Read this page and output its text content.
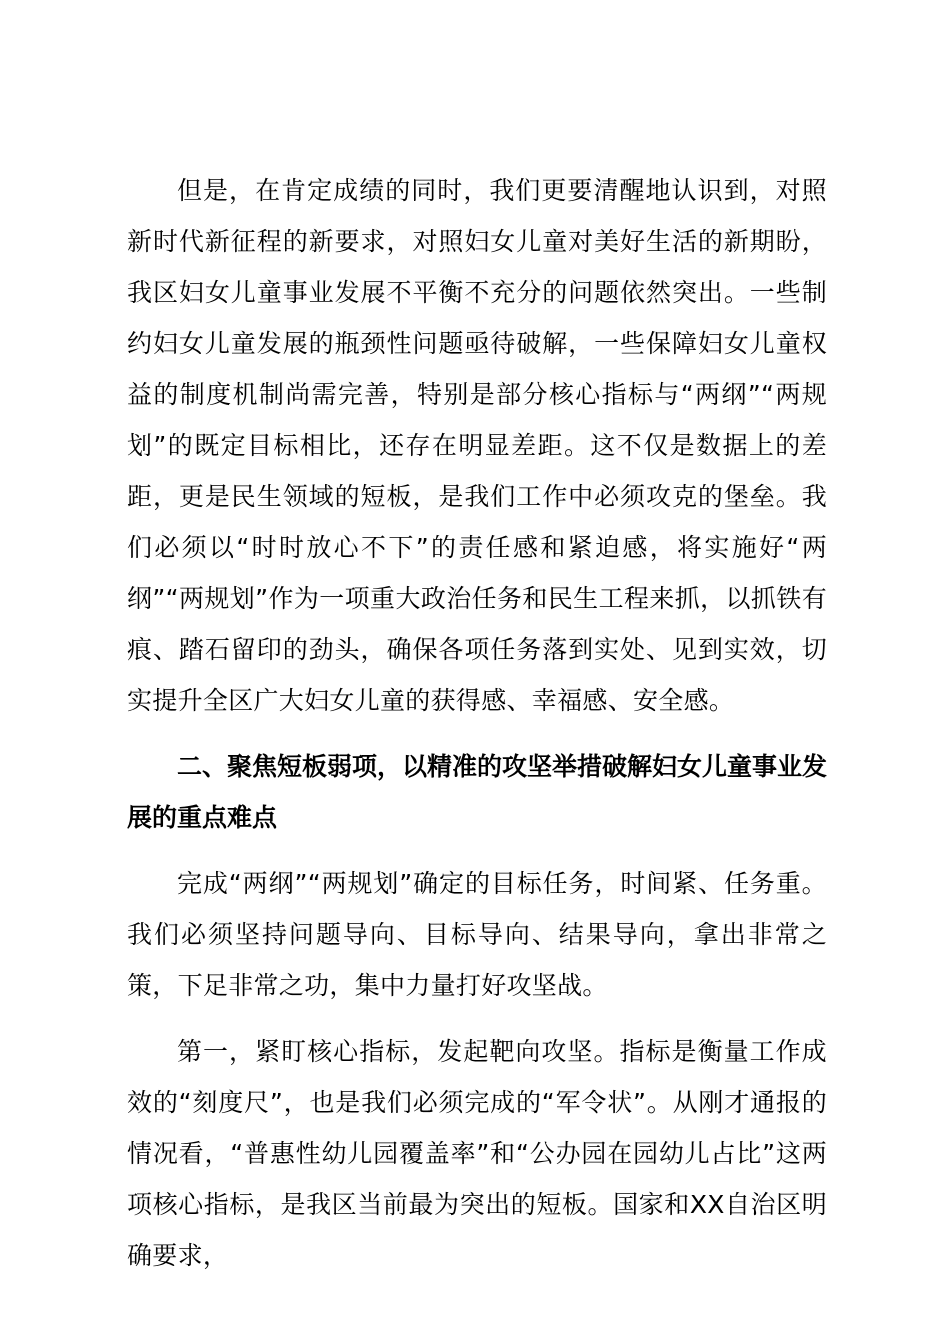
但是，在肯定成绩的同时，我们更要清醒地认识到，对照新时代新征程的新要求，对照妇女儿童对美好生活的新期盼，我区妇女儿童事业发展不平衡不充分的问题依然突出。一些制约妇女儿童发展的瓶颈性问题亟待破解，一些保障妇女儿童权益的制度机制尚需完善，特别是部分核心指标与“两纲”“两规划”的既定目标相比，还存在明显差距。这不仅是数据上的差距，更是民生领域的短板，是我们工作中必须攻克的堡垒。我们必须以“时时放心不下”的责任感和紧迫感，将实施好“两纲”“两规划”作为一项重大政治任务和民生工程来抓，以抓铁有痕、踏石留印的劲头，确保各项任务落到实处、见到实效，切实提升全区广大妇女儿童的获得感、幸福感、安全感。

二、聚焦短板弱项，以精准的攻坚举措破解妇女儿童事业发展的重点难点

完成“两纲”“两规划”确定的目标任务，时间紧、任务重。我们必须坚持问题导向、目标导向、结果导向，拿出非常之策，下足非常之功，集中力量打好攻坚战。

第一，紧盯核心指标，发起靶向攻坚。指标是衡量工作成效的“刻度尺”，也是我们必须完成的“军令状”。从刚才通报的情况看，“普惠性幼儿园覆盖率”和“公办园在园幼儿占比”这两项核心指标，是我区当前最为突出的短板。国家和XX自治区明确要求，
